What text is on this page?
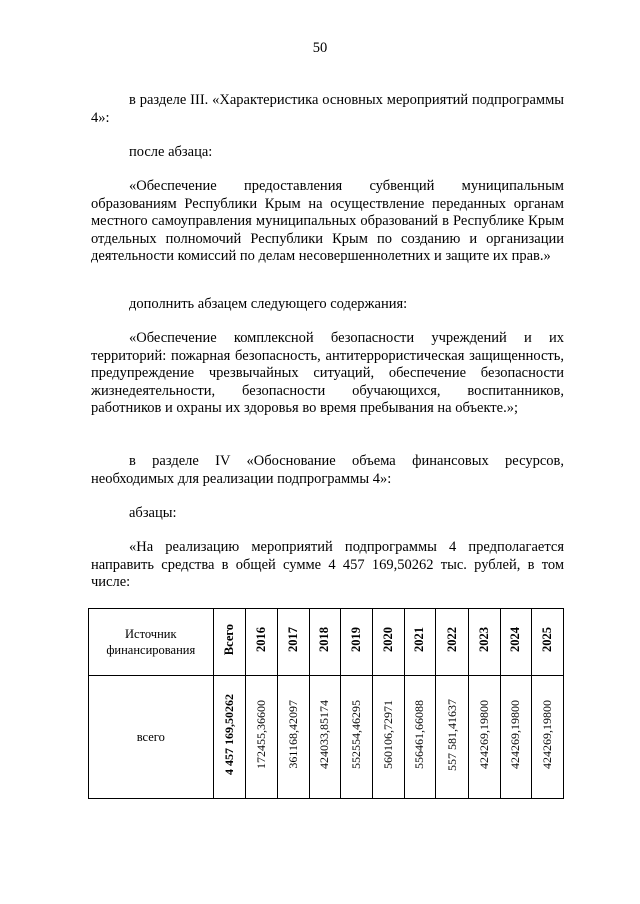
50

в разделе III. «Характеристика основных мероприятий подпрограммы 4»:

после абзаца:

«Обеспечение предоставления субвенций муниципальным образованиям Республики Крым на осуществление переданных органам местного самоуправления муниципальных образований в Республике Крым отдельных полномочий Республики Крым по созданию и организации деятельности комиссий по делам несовершеннолетних и защите их прав.»

дополнить абзацем следующего содержания:

«Обеспечение комплексной безопасности учреждений и их территорий: пожарная безопасность, антитеррористическая защищенность, предупреждение чрезвычайных ситуаций, обеспечение безопасности жизнедеятельности, безопасности обучающихся, воспитанников, работников и охраны их здоровья во время пребывания на объекте.»;

в разделе IV «Обоснование объема финансовых ресурсов, необходимых для реализации подпрограммы 4»:

абзацы:

«На реализацию мероприятий подпрограммы 4 предполагается направить средства в общей сумме 4 457 169,50262 тыс. рублей, в том числе:

Источник финансирования	Всего	2016	2017	2018	2019	2020	2021	2022	2023	2024	2025
всего	4 457 169,50262	172455,36600	361168,42097	424033,85174	552554,46295	560106,72971	556461,66088	557 581,41637	424269,19800	424269,19800	424269,19800
